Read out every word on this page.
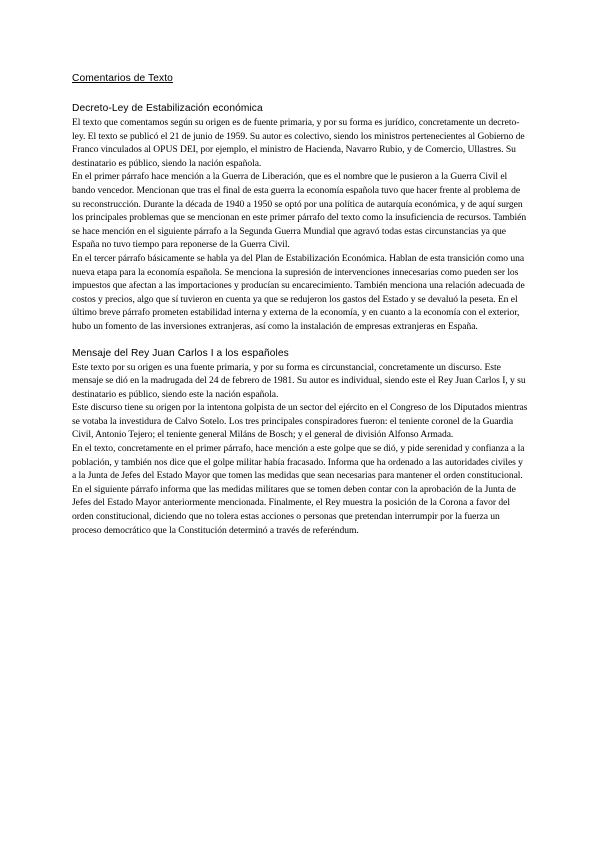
Comentarios de Texto

Decreto-Ley de Estabilización económica

El texto que comentamos según su origen es de fuente primaria, y por su forma es jurídico, concretamente un decreto-ley. El texto se publicó el 21 de junio de 1959. Su autor es colectivo, siendo los ministros pertenecientes al Gobierno de Franco vinculados al OPUS DEI, por ejemplo, el ministro de Hacienda, Navarro Rubio, y de Comercio, Ullastres. Su destinatario es público, siendo la nación española.

En el primer párrafo hace mención a la Guerra de Liberación, que es el nombre que le pusieron a la Guerra Civil el bando vencedor. Mencionan que tras el final de esta guerra la economía española tuvo que hacer frente al problema de su reconstrucción. Durante la década de 1940 a 1950 se optó por una política de autarquía económica, y de aquí surgen los principales problemas que se mencionan en este primer párrafo del texto como la insuficiencia de recursos. También se hace mención en el siguiente párrafo a la Segunda Guerra Mundial que agravó todas estas circunstancias ya que España no tuvo tiempo para reponerse de la Guerra Civil.

En el tercer párrafo básicamente se habla ya del Plan de Estabilización Económica. Hablan de esta transición como una nueva etapa para la economía española. Se menciona la supresión de intervenciones innecesarias como pueden ser los impuestos que afectan a las importaciones y producían su encarecimiento. También menciona una relación adecuada de costos y precios, algo que sí tuvieron en cuenta ya que se redujeron los gastos del Estado y se devaluó la peseta. En el último breve párrafo prometen estabilidad interna y externa de la economía, y en cuanto a la economía con el exterior, hubo un fomento de las inversiones extranjeras, así como la instalación de empresas extranjeras en España.

Mensaje del Rey Juan Carlos I a los españoles

Este texto por su origen es una fuente primaria, y por su forma es circunstancial, concretamente un discurso. Este mensaje se dió en la madrugada del 24 de febrero de 1981. Su autor es individual, siendo este el Rey Juan Carlos I, y su destinatario es público, siendo este la nación española.

Este discurso tiene su origen por la intentona golpista de un sector del ejército en el Congreso de los Diputados mientras se votaba la investidura de Calvo Sotelo. Los tres principales conspiradores fueron: el teniente coronel de la Guardia Civil, Antonio Tejero; el teniente general Miláns de Bosch; y el general de división Alfonso Armada.

En el texto, concretamente en el primer párrafo, hace mención a este golpe que se dió, y pide serenidad y confianza a la población, y también nos dice que el golpe militar había fracasado. Informa que ha ordenado a las autoridades civiles y a la Junta de Jefes del Estado Mayor que tomen las medidas que sean necesarias para mantener el orden constitucional. En el siguiente párrafo informa que las medidas militares que se tomen deben contar con la aprobación de la Junta de Jefes del Estado Mayor anteriormente mencionada. Finalmente, el Rey muestra la posición de la Corona a favor del orden constitucional, diciendo que no tolera estas acciones o personas que pretendan interrumpir por la fuerza un proceso democrático que la Constitución determinó a través de referéndum.
